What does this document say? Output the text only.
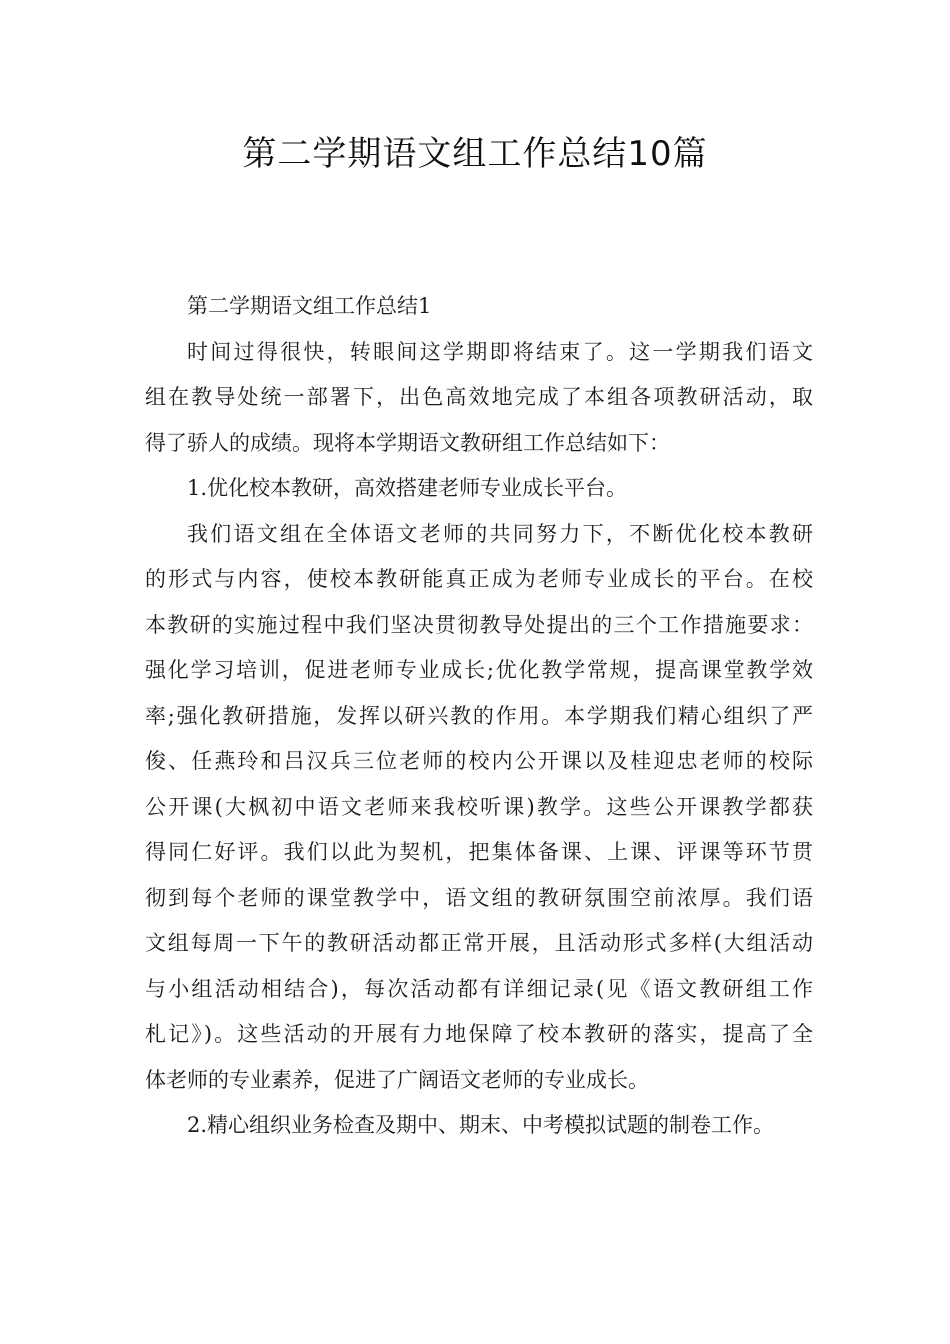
第二学期语文组工作总结10篇
第二学期语文组工作总结1
时间过得很快，转眼间这学期即将结束了。这一学期我们语文
组在教导处统一部署下，出色高效地完成了本组各项教研活动，取
得了骄人的成绩。现将本学期语文教研组工作总结如下：
1.优化校本教研，高效搭建老师专业成长平台。
我们语文组在全体语文老师的共同努力下，不断优化校本教研
的形式与内容，使校本教研能真正成为老师专业成长的平台。在校
本教研的实施过程中我们坚决贯彻教导处提出的三个工作措施要求：
强化学习培训，促进老师专业成长;优化教学常规，提高课堂教学效
率;强化教研措施，发挥以研兴教的作用。本学期我们精心组织了严
俊、任燕玲和吕汉兵三位老师的校内公开课以及桂迎忠老师的校际
公开课(大枫初中语文老师来我校听课)教学。这些公开课教学都获
得同仁好评。我们以此为契机，把集体备课、上课、评课等环节贯
彻到每个老师的课堂教学中，语文组的教研氛围空前浓厚。我们语
文组每周一下午的教研活动都正常开展，且活动形式多样(大组活动
与小组活动相结合)，每次活动都有详细记录(见《语文教研组工作
札记》)。这些活动的开展有力地保障了校本教研的落实，提高了全
体老师的专业素养，促进了广阔语文老师的专业成长。
2.精心组织业务检查及期中、期末、中考模拟试题的制卷工作。
